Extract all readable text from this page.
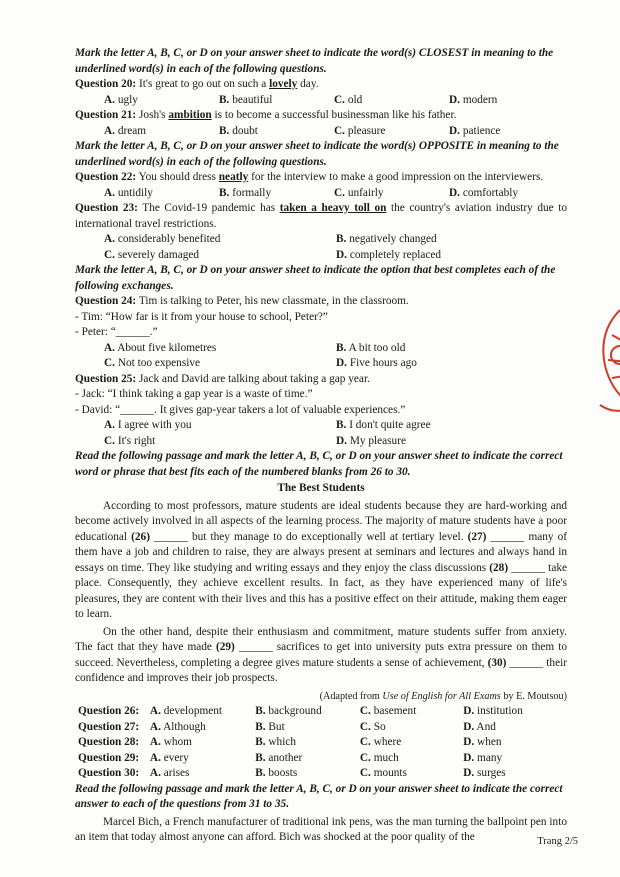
Mark the letter A, B, C, or D on your answer sheet to indicate the word(s) CLOSEST in meaning to the underlined word(s) in each of the following questions.
Question 20: It's great to go out on such a lovely day.
A. ugly	B. beautiful	C. old	D. modern
Question 21: Josh's ambition is to become a successful businessman like his father.
A. dream	B. doubt	C. pleasure	D. patience
Mark the letter A, B, C, or D on your answer sheet to indicate the word(s) OPPOSITE in meaning to the underlined word(s) in each of the following questions.
Question 22: You should dress neatly for the interview to make a good impression on the interviewers.
A. untidily	B. formally	C. unfairly	D. comfortably
Question 23: The Covid-19 pandemic has taken a heavy toll on the country's aviation industry due to international travel restrictions.
A. considerably benefited	B. negatively changed
C. severely damaged	D. completely replaced
Mark the letter A, B, C, or D on your answer sheet to indicate the option that best completes each of the following exchanges.
Question 24: Tim is talking to Peter, his new classmate, in the classroom.
- Tim: “How far is it from your house to school, Peter?”
- Peter: “______.”
A. About five kilometres	B. A bit too old
C. Not too expensive	D. Five hours ago
Question 25: Jack and David are talking about taking a gap year.
- Jack: “I think taking a gap year is a waste of time.”
- David: “______. It gives gap-year takers a lot of valuable experiences.”
A. I agree with you	B. I don't quite agree
C. It's right	D. My pleasure
Read the following passage and mark the letter A, B, C, or D on your answer sheet to indicate the correct word or phrase that best fits each of the numbered blanks from 26 to 30.
The Best Students
According to most professors, mature students are ideal students because they are hard-working and become actively involved in all aspects of the learning process. The majority of mature students have a poor educational (26) ______ but they manage to do exceptionally well at tertiary level. (27) ______ many of them have a job and children to raise, they are always present at seminars and lectures and always hand in essays on time. They like studying and writing essays and they enjoy the class discussions (28) ______ take place. Consequently, they achieve excellent results. In fact, as they have experienced many of life's pleasures, they are content with their lives and this has a positive effect on their attitude, making them eager to learn.
On the other hand, despite their enthusiasm and commitment, mature students suffer from anxiety. The fact that they have made (29) ______ sacrifices to get into university puts extra pressure on them to succeed. Nevertheless, completing a degree gives mature students a sense of achievement, (30) ______ their confidence and improves their job prospects.
(Adapted from Use of English for All Exams by E. Moutsou)
Question 26:	A. development	B. background	C. basement	D. institution
Question 27:	A. Although	B. But	C. So	D. And
Question 28:	A. whom	B. which	C. where	D. when
Question 29:	A. every	B. another	C. much	D. many
Question 30:	A. arises	B. boosts	C. mounts	D. surges
Read the following passage and mark the letter A, B, C, or D on your answer sheet to indicate the correct answer to each of the questions from 31 to 35.
Marcel Bich, a French manufacturer of traditional ink pens, was the man turning the ballpoint pen into an item that today almost anyone can afford. Bich was shocked at the poor quality of the	Trang 2/5
